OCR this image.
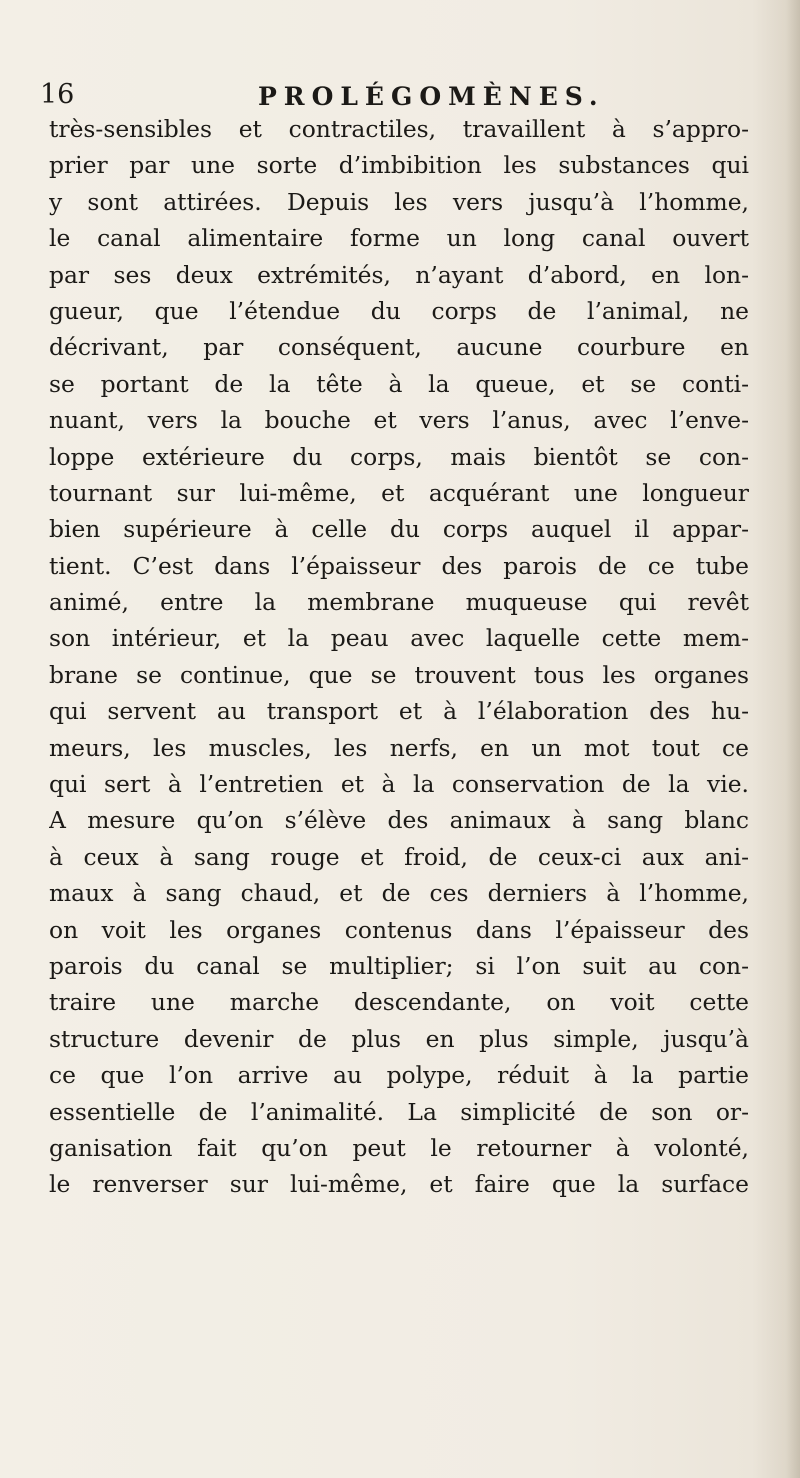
16	PROLÉGOMÈNES.
très-sensibles et contractiles, travaillent à s’appro-
prier par une sorte d’imbibition les substances qui
y sont attirées. Depuis les vers jusqu’à l’homme,
le canal alimentaire forme un long canal ouvert
par ses deux extrémités, n’ayant d’abord, en lon-
gueur, que l’étendue du corps de l’animal, ne
décrivant, par conséquent, aucune courbure en
se portant de la tête à la queue, et se conti-
nuant, vers la bouche et vers l’anus, avec l’enve-
loppe extérieure du corps, mais bientôt se con-
tournant sur lui-même, et acquérant une longueur
bien supérieure à celle du corps auquel il appar-
tient. C’est dans l’épaisseur des parois de ce tube
animé, entre la membrane muqueuse qui revêt
son intérieur, et la peau avec laquelle cette mem-
brane se continue, que se trouvent tous les organes
qui servent au transport et à l’élaboration des hu-
meurs, les muscles, les nerfs, en un mot tout ce
qui sert à l’entretien et à la conservation de la vie.
A mesure qu’on s’élève des animaux à sang blanc
à ceux à sang rouge et froid, de ceux-ci aux ani-
maux à sang chaud, et de ces derniers à l’homme,
on voit les organes contenus dans l’épaisseur des
parois du canal se multiplier; si l’on suit au con-
traire une marche descendante, on voit cette
structure devenir de plus en plus simple, jusqu’à
ce que l’on arrive au polype, réduit à la partie
essentielle de l’animalité. La simplicité de son or-
ganisation fait qu’on peut le retourner à volonté,
le renverser sur lui-même, et faire que la surface
